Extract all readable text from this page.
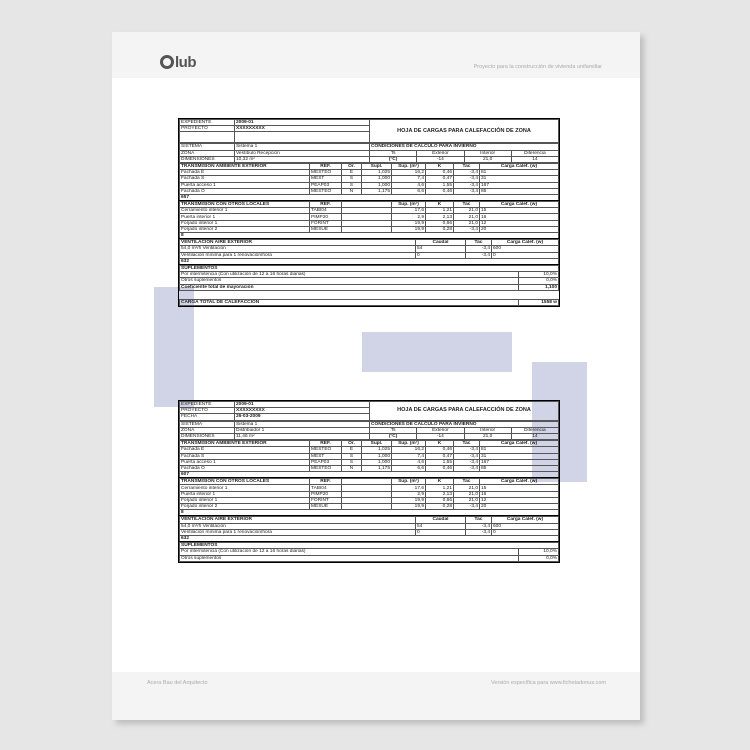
lub	Proyecto para la construcción de vivienda unifamiliar
EXPEDIENTE	2009-01	HOJA DE CARGAS PARA CALEFACCIÓN DE ZONA
PROYECTO	XXXXXXXXX	

SISTEMA	Sistema 1	CONDICIONES DE CÁLCULO PARA INVIERNO			
ZONA	Vestíbulo Recepción	Ts	Exterior	Interior	Diferencia
DIMENSIONES	10,32 m²	(ºC)	-14	21,0	14
TRANSMISIÓN AMBIENTE EXTERIOR	REF.	Or.	Supl.	Sup. (m²)	K	Tac	Carga Calef. (w)
Fachada E	MESTEO	E	1,025	16,2	0,46	-3,4	81
Fachada S	MEST	S	1,000	7,4	0,47	-3,4	31
Puerta acceso 1	PEAP03	S	1,000	4,6	1,55	-3,4	167
Fachada O	MESTEO	N	1,175	6,6	0,46	-3,4	85
657							
TRANSMISIÓN CON OTROS LOCALES	REF.		Sup. (m²)	K	Tac	Carga Calef. (w)
Cerramiento interior 1	TABI04		17,6	1,21	21,0	15
Puerta interior 1	PIMP20		2,9	2,13	21,0	16
Forjado interior 1	FORINT		19,9	0,66	21,0	12
Forjado interior 2	MESUE		19,9	0,28	-3,4	20
8						
VENTILACIÓN AIRE EXTERIOR	Caudal	Tac	Carga Calef. (w)
54,0 m³/h Ventilación	54	-3,4	600
Ventilación mínima para 1 renovación/hora	0	-3,4	0
632			
SUPLEMENTOS	
Por intermitencia (Con utilización de 12 a 16 horas diarias)	10,0%
Otros suplementos	0,0%
Coeficiente total de mayoración	1,100

CARGA TOTAL DE CALEFACCIÓN	1558 w
EXPEDIENTE	2009-01	HOJA DE CARGAS PARA CALEFACCIÓN DE ZONA
PROYECTO	XXXXXXXXX	
FECHA	26-03-2009	
SISTEMA	Sistema 1	CONDICIONES DE CÁLCULO PARA INVIERNO			
ZONA	Distribuidor 1	Ts	Exterior	Interior	Diferencia
DIMENSIONES	11,46 m²	(ºC)	-14	21,0	14
TRANSMISIÓN AMBIENTE EXTERIOR	REF.	Or.	Supl.	Sup. (m²)	K	Tac	Carga Calef. (w)
Fachada E	MESTEO	E	1,025	16,2	0,46	-3,4	81
Fachada S	MEST	S	1,000	7,4	0,47	-3,4	31
Puerta acceso 1	PEAP03	S	1,000	4,6	1,55	-3,4	167
Fachada O	MESTEO	N	1,175	6,6	0,46	-3,4	85
607							
TRANSMISIÓN CON OTROS LOCALES	REF.		Sup. (m²)	K	Tac	Carga Calef. (w)
Cerramiento interior 1	TABI04		17,6	1,21	21,0	15
Puerta interior 1	PIMP20		2,9	2,13	21,0	16
Forjado interior 1	FORINT		19,9	0,66	21,0	12
Forjado interior 2	MESUE		19,9	0,28	-3,4	20
8						
VENTILACIÓN AIRE EXTERIOR	Caudal	Tac	Carga Calef. (w)
54,0 m³/h Ventilación	54	-3,4	600
Ventilación mínima para 1 renovación/hora	0	-3,4	0
632			
SUPLEMENTOS	
Por intermitencia (Con utilización de 12 a 16 horas diarias)	10,0%
Otros suplementos	0,0%
Acera Bau del Arquitecto	Versión específica para www.fichetadonus.com
